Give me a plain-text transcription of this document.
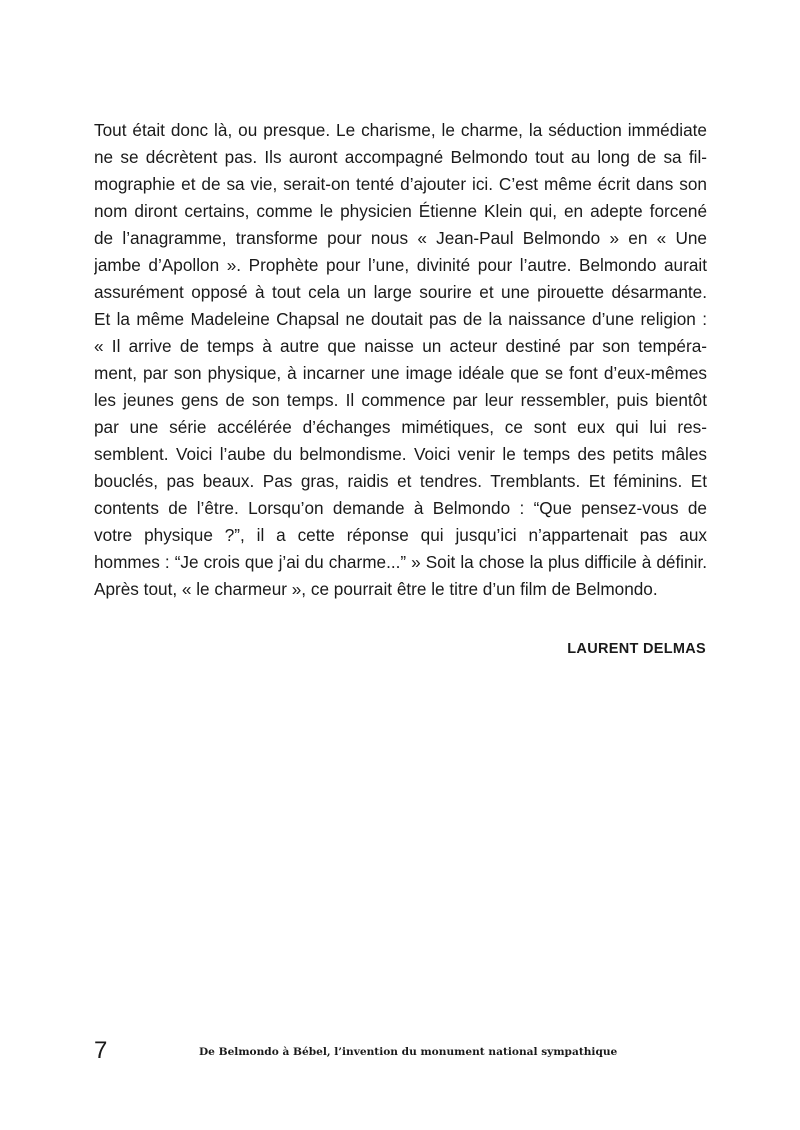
Tout était donc là, ou presque. Le charisme, le charme, la séduction immédiate
ne se décrètent pas. Ils auront accompagné Belmondo tout au long de sa fil-
mographie et de sa vie, serait-on tenté d’ajouter ici. C’est même écrit dans son
nom diront certains, comme le physicien Étienne Klein qui, en adepte forcené
de l’anagramme, transforme pour nous « Jean-Paul Belmondo » en « Une
jambe d’Apollon ». Prophète pour l’une, divinité pour l’autre. Belmondo aurait
assurément opposé à tout cela un large sourire et une pirouette désarmante.
Et la même Madeleine Chapsal ne doutait pas de la naissance d’une religion :
« Il arrive de temps à autre que naisse un acteur destiné par son tempéra-
ment, par son physique, à incarner une image idéale que se font d’eux-mêmes
les jeunes gens de son temps. Il commence par leur ressembler, puis bientôt
par une série accélérée d’échanges mimétiques, ce sont eux qui lui res-
semblent. Voici l’aube du belmondisme. Voici venir le temps des petits mâles
bouclés, pas beaux. Pas gras, raidis et tendres. Tremblants. Et féminins. Et
contents de l’être. Lorsqu’on demande à Belmondo : “Que pensez-vous de
votre physique ?”, il a cette réponse qui jusqu’ici n’appartenait pas aux
hommes : “Je crois que j’ai du charme...” » Soit la chose la plus difficile à définir.
Après tout, « le charmeur », ce pourrait être le titre d’un film de Belmondo.

LAURENT DELMAS

7	De Belmondo à Bébel, l’invention du monument national sympathique
